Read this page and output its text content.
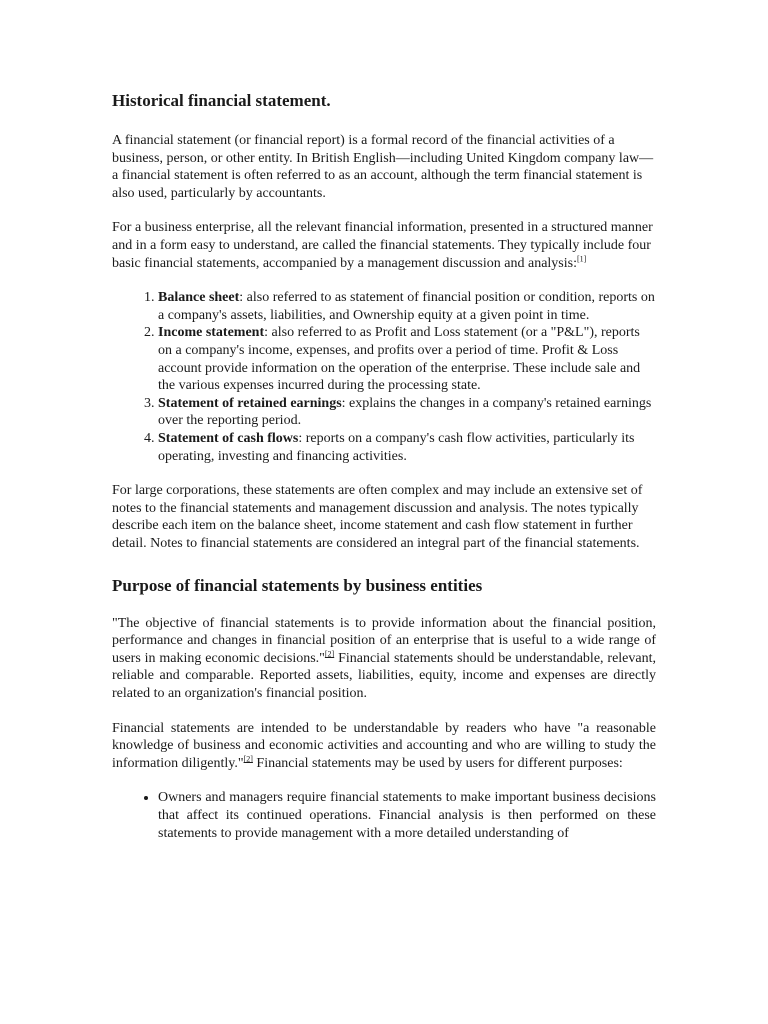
Historical financial statement.

A financial statement (or financial report) is a formal record of the financial activities of a business, person, or other entity. In British English—including United Kingdom company law—a financial statement is often referred to as an account, although the term financial statement is also used, particularly by accountants.

For a business enterprise, all the relevant financial information, presented in a structured manner and in a form easy to understand, are called the financial statements. They typically include four basic financial statements, accompanied by a management discussion and analysis:[1]

1. Balance sheet: also referred to as statement of financial position or condition, reports on a company's assets, liabilities, and Ownership equity at a given point in time.
2. Income statement: also referred to as Profit and Loss statement (or a "P&L"), reports on a company's income, expenses, and profits over a period of time. Profit & Loss account provide information on the operation of the enterprise. These include sale and the various expenses incurred during the processing state.
3. Statement of retained earnings: explains the changes in a company's retained earnings over the reporting period.
4. Statement of cash flows: reports on a company's cash flow activities, particularly its operating, investing and financing activities.

For large corporations, these statements are often complex and may include an extensive set of notes to the financial statements and management discussion and analysis. The notes typically describe each item on the balance sheet, income statement and cash flow statement in further detail. Notes to financial statements are considered an integral part of the financial statements.

Purpose of financial statements by business entities

"The objective of financial statements is to provide information about the financial position, performance and changes in financial position of an enterprise that is useful to a wide range of users in making economic decisions."[2] Financial statements should be understandable, relevant, reliable and comparable. Reported assets, liabilities, equity, income and expenses are directly related to an organization's financial position.

Financial statements are intended to be understandable by readers who have "a reasonable knowledge of business and economic activities and accounting and who are willing to study the information diligently."[2] Financial statements may be used by users for different purposes:

• Owners and managers require financial statements to make important business decisions that affect its continued operations. Financial analysis is then performed on these statements to provide management with a more detailed understanding of
